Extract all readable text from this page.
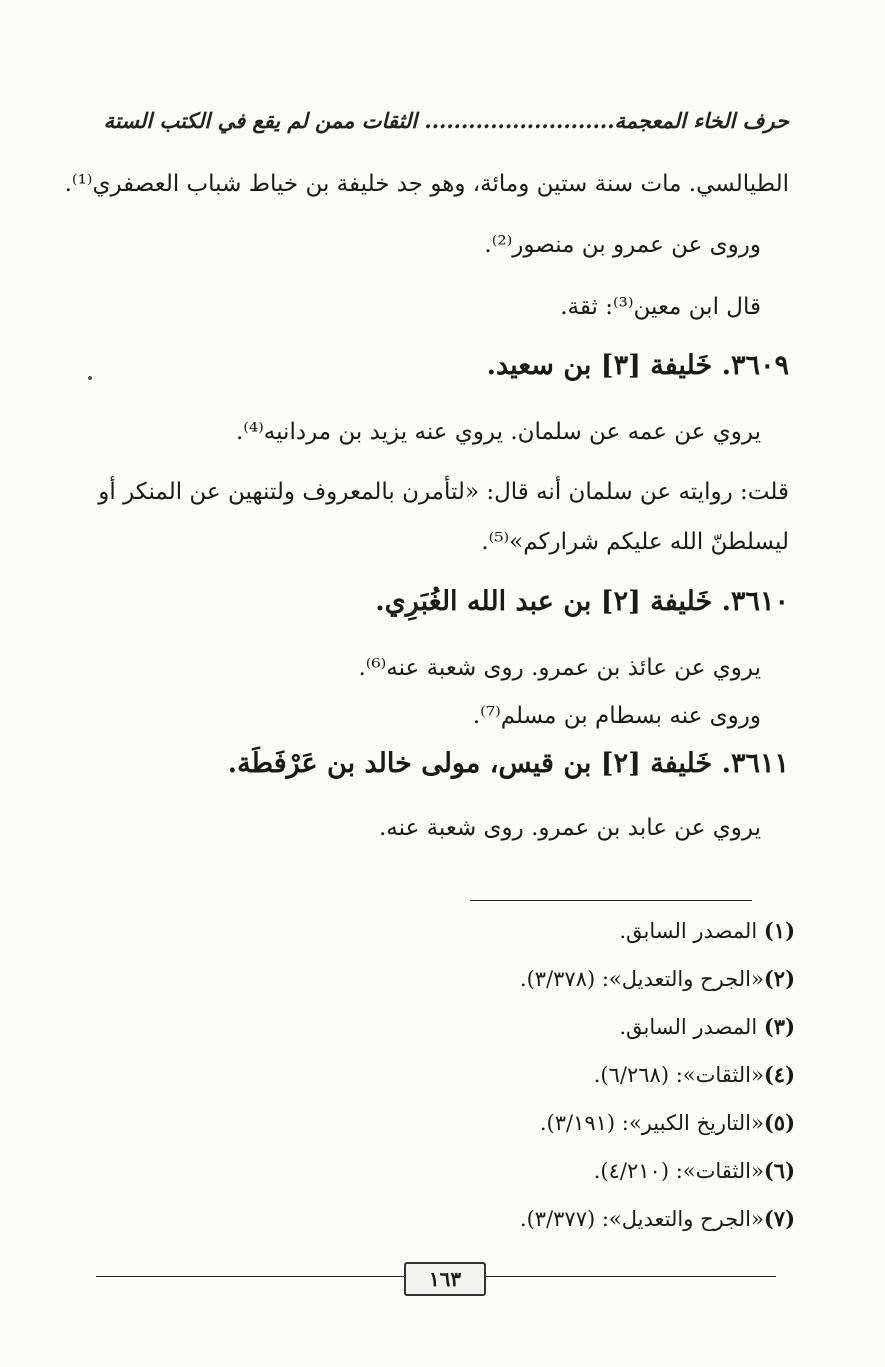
حرف الخاء المعجمة.......................... الثقات ممن لم يقع في الكتب الستة
الطيالسي. مات سنة ستين ومائة، وهو جد خليفة بن خياط شباب العصفري⁽¹⁾.
وروى عن عمرو بن منصور⁽²⁾.
قال ابن معين⁽³⁾: ثقة.
٣٦٠٩. خَليفة [٣] بن سعيد.
يروي عن عمه عن سلمان. يروي عنه يزيد بن مردانيه⁽⁴⁾.
قلت: روايته عن سلمان أنه قال: «لتأمرن بالمعروف ولتنهين عن المنكر أو
ليسلطنّ الله عليكم شراركم»⁽⁵⁾.
٣٦١٠. خَليفة [٢] بن عبد الله الغُبَرِي.
يروي عن عائذ بن عمرو. روى شعبة عنه⁽⁶⁾.
وروى عنه بسطام بن مسلم⁽⁷⁾.
٣٦١١. خَليفة [٢] بن قيس، مولى خالد بن عَرْفَطَة.
يروي عن عابد بن عمرو. روى شعبة عنه.
(١) المصدر السابق.
(٢)«الجرح والتعديل»: (٣/٣٧٨).
(٣) المصدر السابق.
(٤)«الثقات»: (٦/٢٦٨).
(٥)«التاريخ الكبير»: (٣/١٩١).
(٦)«الثقات»: (٤/٢١٠).
(٧)«الجرح والتعديل»: (٣/٣٧٧).
١٦٣
